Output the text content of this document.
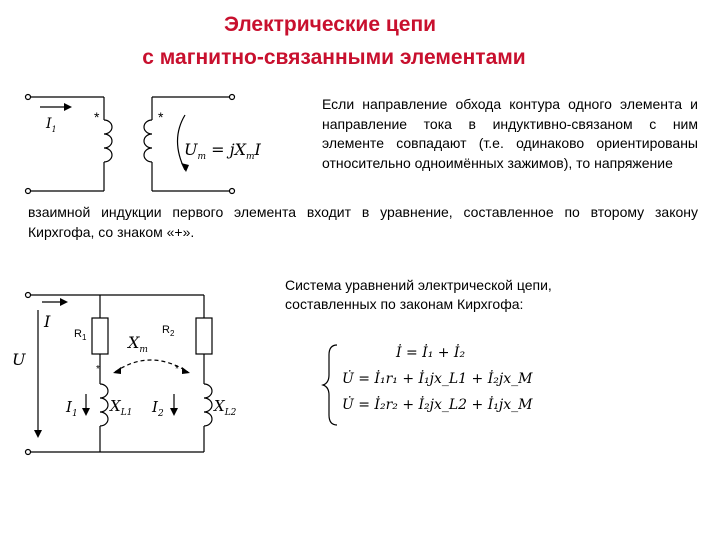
Электрические цепи
с магнитно-связанными элементами
Если направление обхода контура одного элемента и направление тока в индуктивно-связаном с ним элементе совпадают (т.е. одинаково ориентированы относительно одноимённых зажимов), то напряжение
взаимной индукции первого элемента входит в уравнение, составленное по второму закону Кирхгофа, со знаком «+».
Система уравнений электрической цепи, составленных по законам Кирхгофа:
$I_1$
*	*
$U_m = jX_mI$
I
U
$R_1$
$R_2$
$X_m$
*	*
$I_1$ $X_{L1}$ $I_2$	$X_{L2}$
İ = İ₁ + İ₂
U̇ = İ₁r₁ + İ₁jx_L1 + İ₂jx_M
U̇ = İ₂r₂ + İ₂jx_L2 + İ₁jx_M
